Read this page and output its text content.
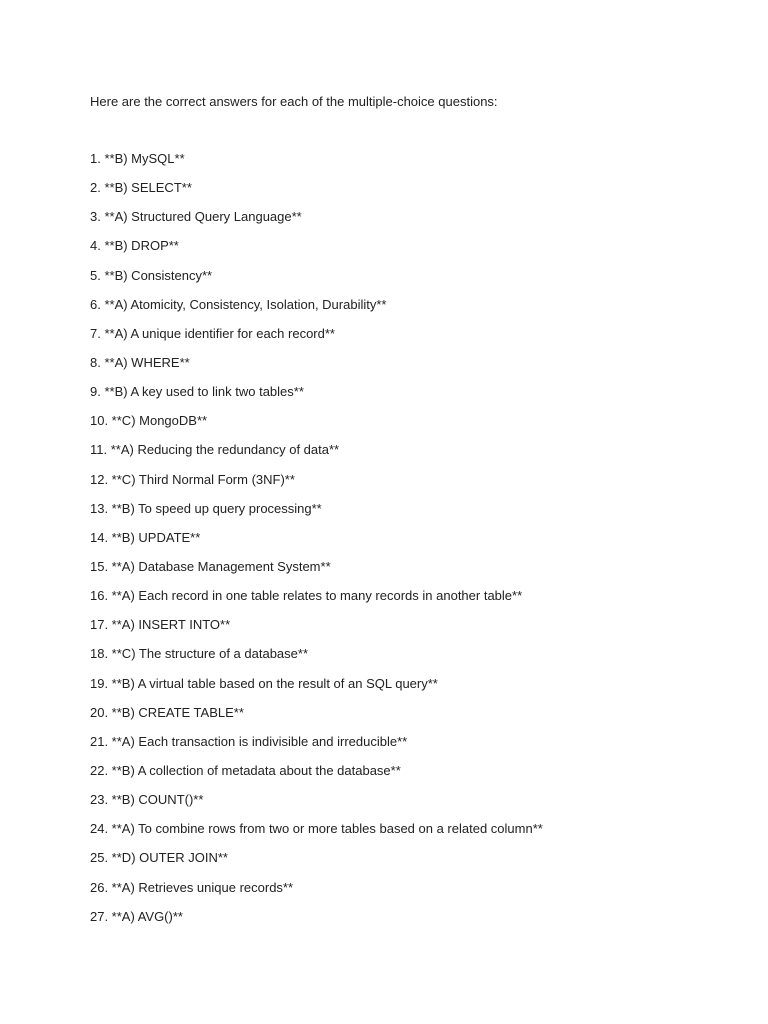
Here are the correct answers for each of the multiple-choice questions:
1. **B) MySQL**
2. **B) SELECT**
3. **A) Structured Query Language**
4. **B) DROP**
5. **B) Consistency**
6. **A) Atomicity, Consistency, Isolation, Durability**
7. **A) A unique identifier for each record**
8. **A) WHERE**
9. **B) A key used to link two tables**
10. **C) MongoDB**
11. **A) Reducing the redundancy of data**
12. **C) Third Normal Form (3NF)**
13. **B) To speed up query processing**
14. **B) UPDATE**
15. **A) Database Management System**
16. **A) Each record in one table relates to many records in another table**
17. **A) INSERT INTO**
18. **C) The structure of a database**
19. **B) A virtual table based on the result of an SQL query**
20. **B) CREATE TABLE**
21. **A) Each transaction is indivisible and irreducible**
22. **B) A collection of metadata about the database**
23. **B) COUNT()**
24. **A) To combine rows from two or more tables based on a related column**
25. **D) OUTER JOIN**
26. **A) Retrieves unique records**
27. **A) AVG()**
